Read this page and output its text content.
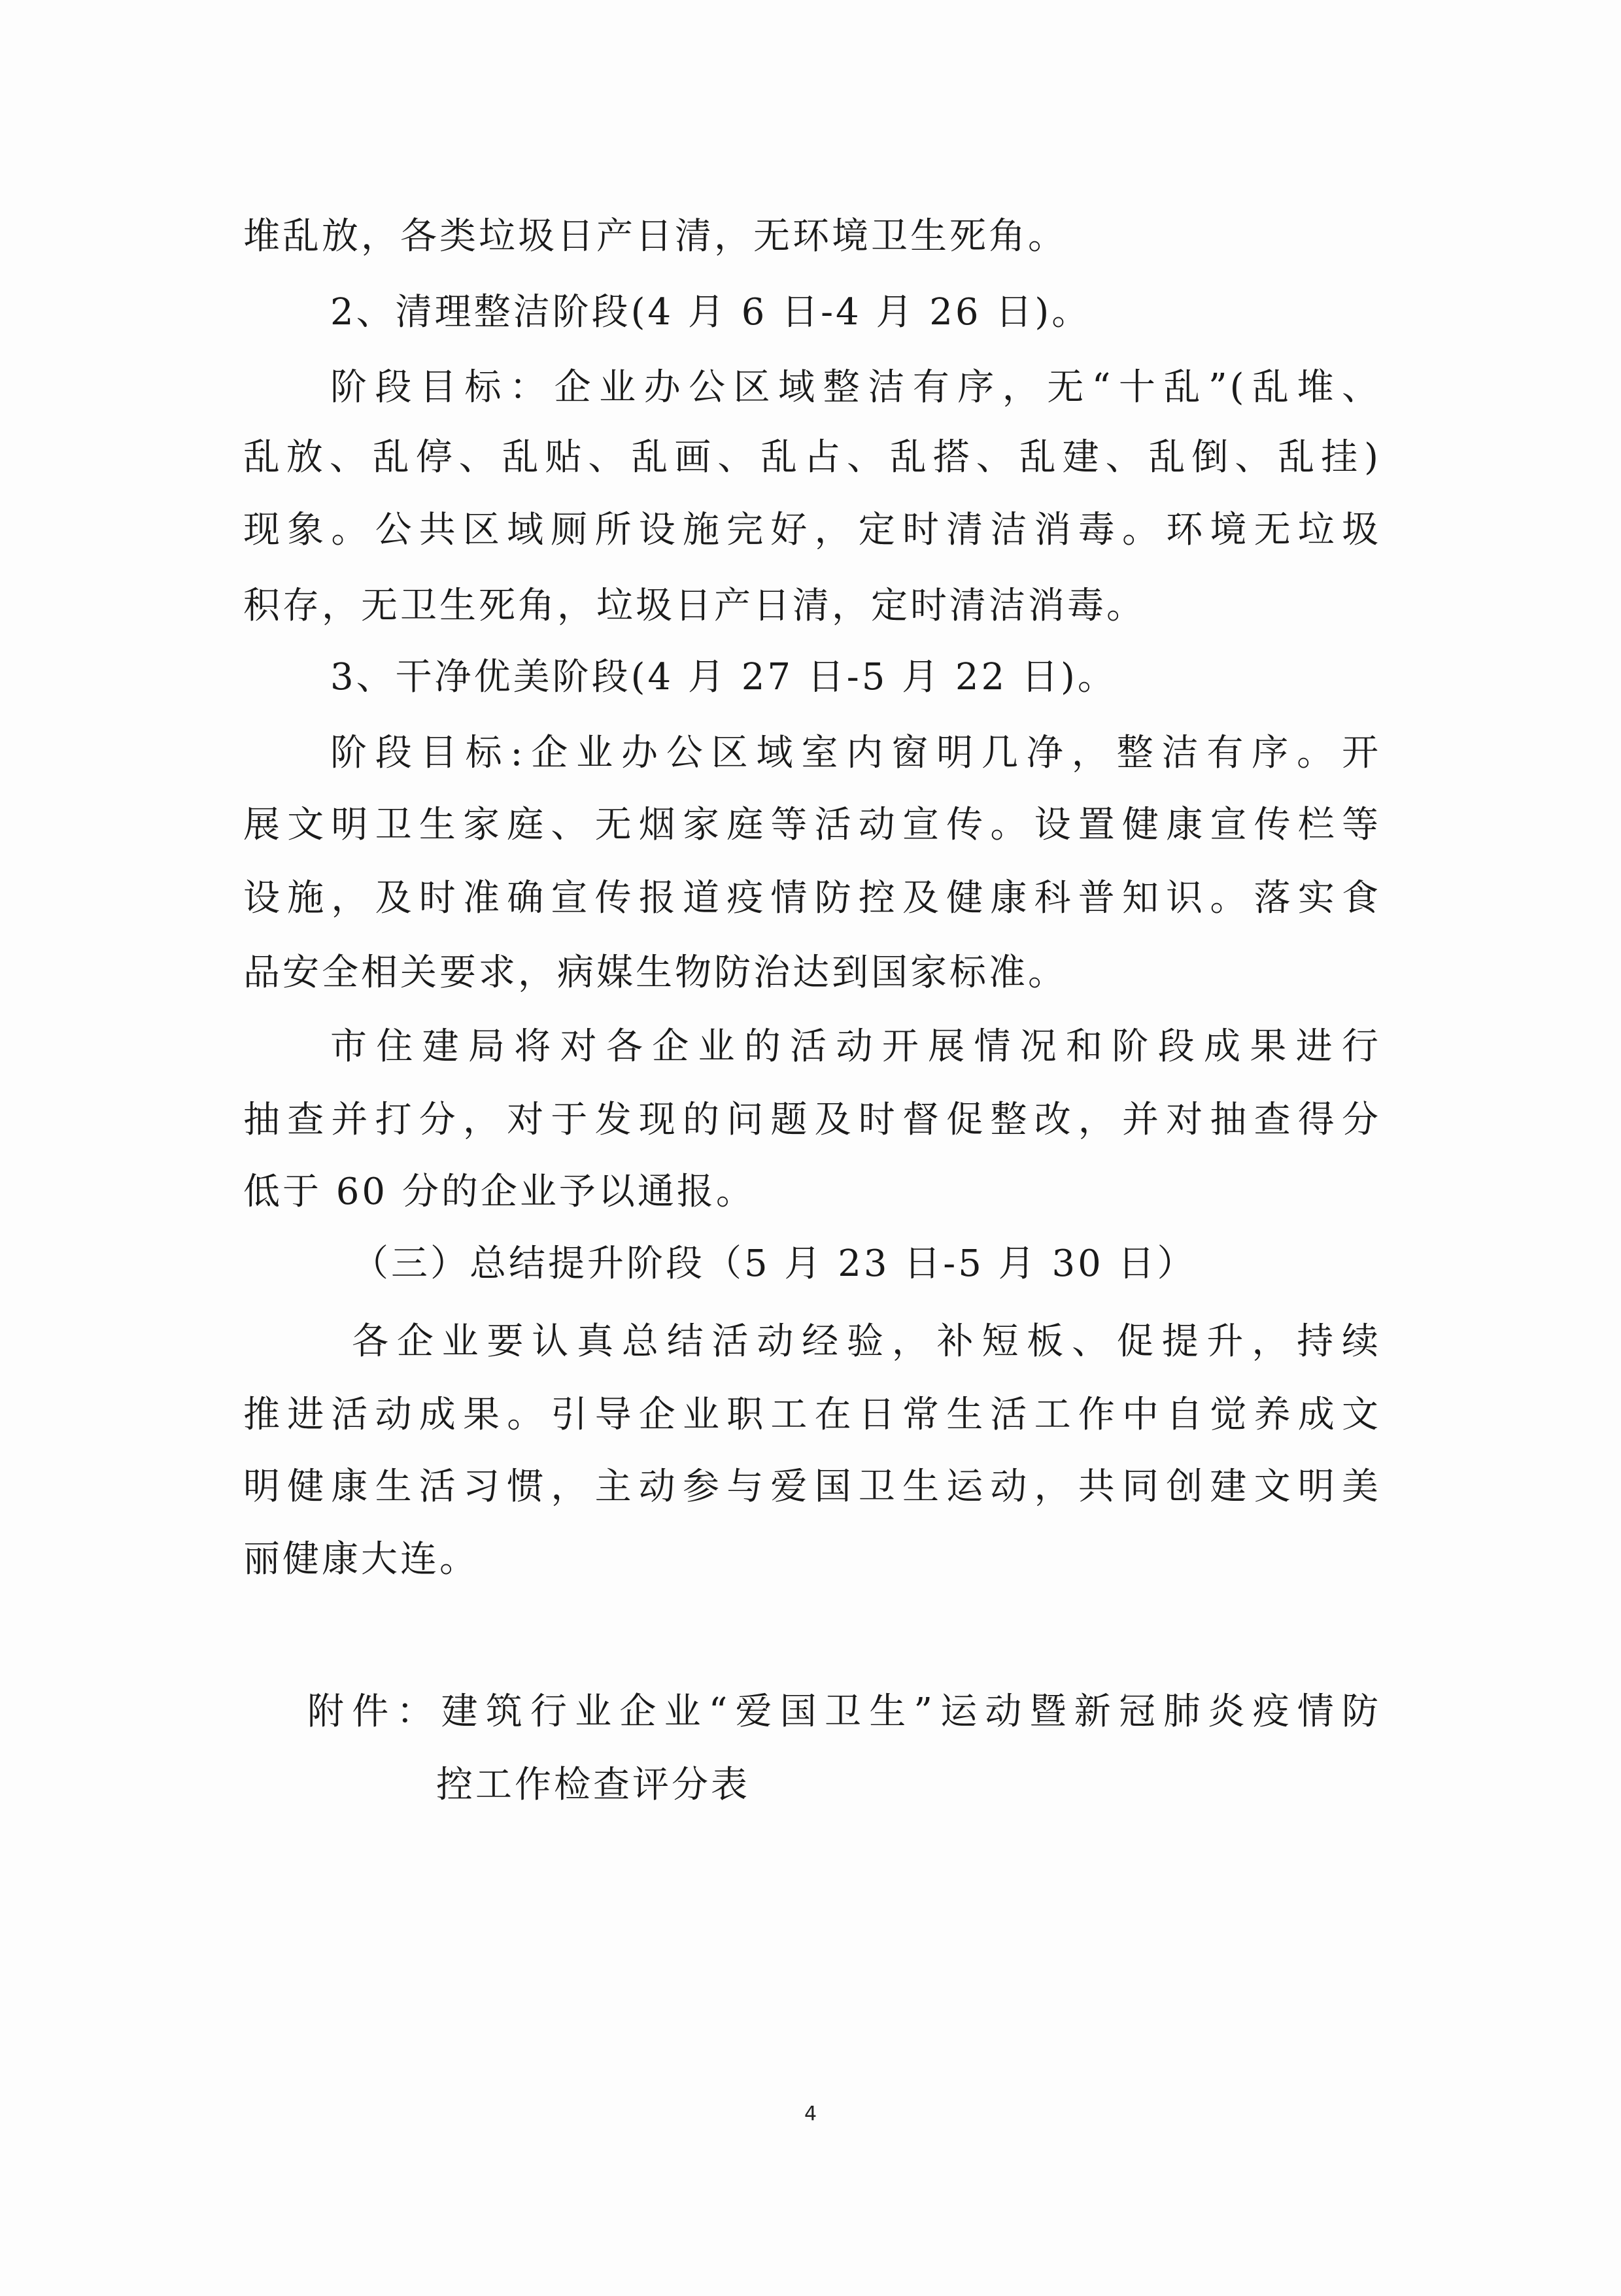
堆乱放，各类垃圾日产日清，无环境卫生死角。
2、清理整洁阶段(4 月 6 日-4 月 26 日)。
阶段目标：企业办公区域整洁有序，无“十乱”(乱堆、
乱放、乱停、乱贴、乱画、乱占、乱搭、乱建、乱倒、乱挂)
现象。公共区域厕所设施完好，定时清洁消毒。环境无垃圾
积存，无卫生死角，垃圾日产日清，定时清洁消毒。
3、干净优美阶段(4 月 27 日-5 月 22 日)。
阶段目标:企业办公区域室内窗明几净，整洁有序。开
展文明卫生家庭、无烟家庭等活动宣传。设置健康宣传栏等
设施，及时准确宣传报道疫情防控及健康科普知识。落实食
品安全相关要求，病媒生物防治达到国家标准。
市住建局将对各企业的活动开展情况和阶段成果进行
抽查并打分，对于发现的问题及时督促整改，并对抽查得分
低于 60 分的企业予以通报。
（三）总结提升阶段（5 月 23 日-5 月 30 日）
各企业要认真总结活动经验，补短板、促提升，持续
推进活动成果。引导企业职工在日常生活工作中自觉养成文
明健康生活习惯，主动参与爱国卫生运动，共同创建文明美
丽健康大连。
附件：建筑行业企业“爱国卫生”运动暨新冠肺炎疫情防
控工作检查评分表
4
